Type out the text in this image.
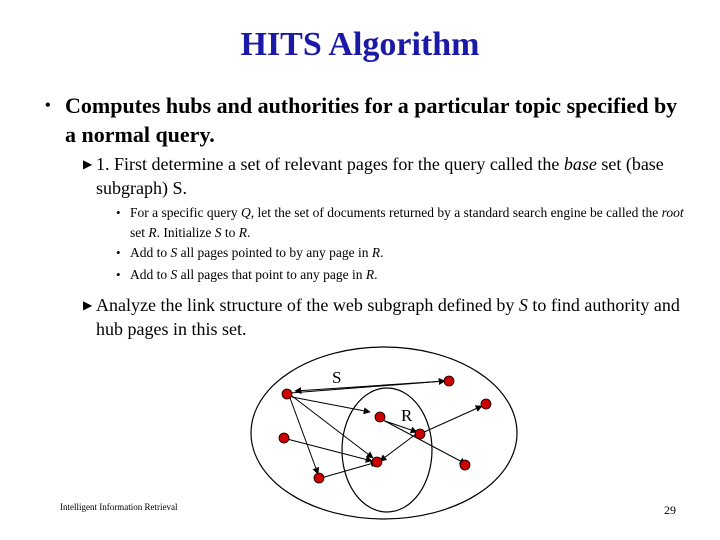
HITS Algorithm
• Computes hubs and authorities for a particular topic specified by a normal query.
▶ 1. First determine a set of relevant pages for the query called the base set (base subgraph) S.
• For a specific query Q, let the set of documents returned by a standard search engine be called the root set R. Initialize S to R.
• Add to S all pages pointed to by any page in R.
• Add to S all pages that point to any page in R.
▶ Analyze the link structure of the web subgraph defined by S to find authority and hub pages in this set.
S
R
Intelligent Information Retrieval	29
